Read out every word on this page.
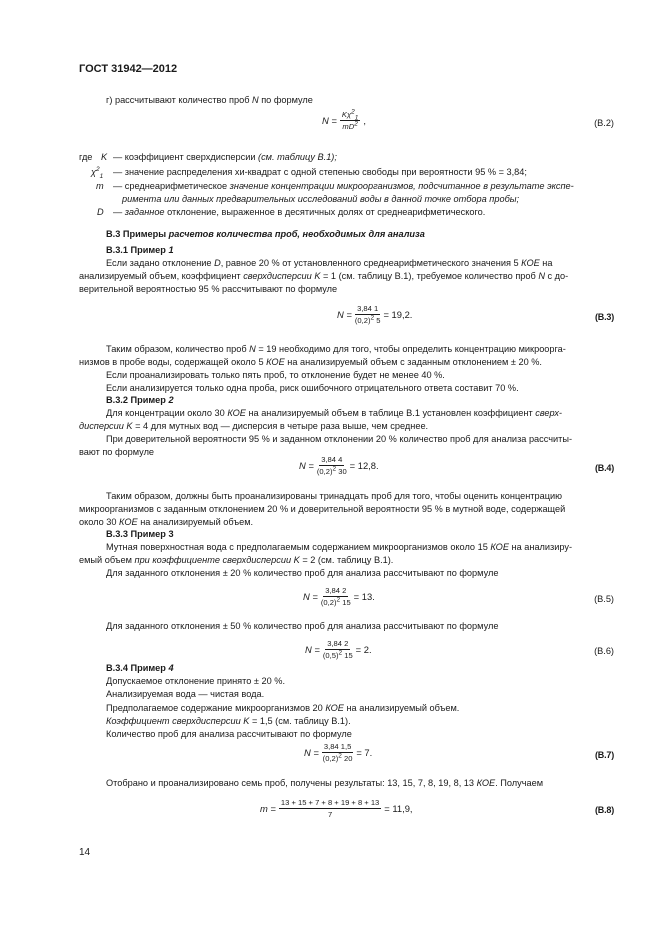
ГОСТ 31942—2012
г) рассчитывают количество проб N по формуле
$N = \frac{K\chi^2_1}{mD^2}$ ,	(В.2)
где K — коэффициент сверхдисперсии (см. таблицу В.1);
$\chi^2_1$ — значение распределения хи-квадрат с одной степенью свободы при вероятности 95 % = 3,84;
m — среднеарифметическое значение концентрации микроорганизмов, подсчитанное в результате экспе-
риментa или данных предварительных исследований воды в данной точке отбора пробы;
D — заданное отклонение, выраженное в десятичных долях от среднеарифметического.
В.3 Примеры расчетов количества проб, необходимых для анализа
В.3.1 Пример 1
Если задано отклонение D, равное 20 % от установленного среднеарифметического значения 5 КОЕ на
анализируемый объем, коэффициент сверхдисперсии K = 1 (см. таблицу В.1), требуемое количество проб N с до-
верительной вероятностью 95 % рассчитывают по формуле
$N = \frac{3,84 1}{(0,2)^2 5} = 19,2$.	(В.3)
Таким образом, количество проб N = 19 необходимо для того, чтобы определить концентрацию микроорга-
низмов в пробе воды, содержащей около 5 КОЕ на анализируемый объем с заданным отклонением ± 20 %.
Если проанализировать только пять проб, то отклонение будет не менее 40 %.
Если анализируется только одна проба, риск ошибочного отрицательного ответа составит 70 %.
В.3.2 Пример 2
Для концентрации около 30 КОЕ на анализируемый объем в таблице В.1 установлен коэффициент сверх-
дисперсии K = 4 для мутных вод — дисперсия в четыре раза выше, чем среднее.
При доверительной вероятности 95 % и заданном отклонении 20 % количество проб для анализа рассчиты-
вают по формуле
$N = \frac{3,84 4}{(0,2)^2 30} = 12,8$.	(В.4)
Таким образом, должны быть проанализированы тринадцать проб для того, чтобы оценить концентрацию
микроорганизмов с заданным отклонением 20 % и доверительной вероятности 95 % в мутной воде, содержащей
около 30 КОЕ на анализируемый объем.
В.3.3 Пример 3
Мутная поверхностная вода с предполагаемым содержанием микроорганизмов около 15 КОЕ на анализиру-
емый объем при коэффициенте сверхдисперсии K = 2 (см. таблицу В.1).
Для заданного отклонения ± 20 % количество проб для анализа рассчитывают по формуле
$N = \frac{3,84 2}{(0,2)^2 15} = 13$.	(В.5)
Для заданного отклонения ± 50 % количество проб для анализа рассчитывают по формуле
$N = \frac{3,84 2}{(0,5)^2 15} = 2$.	(В.6)
В.3.4 Пример 4
Допускаемое отклонение принято ± 20 %.
Анализируемая вода — чистая вода.
Предполагаемое содержание микроорганизмов 20 КОЕ на анализируемый объем.
Коэффициент сверхдисперсии K = 1,5 (см. таблицу В.1).
Количество проб для анализа рассчитывают по формуле
$N = \frac{3,84 1,5}{(0,2)^2 20} = 7$.	(В.7)
Отобрано и проанализировано семь проб, получены результаты: 13, 15, 7, 8, 19, 8, 13 КОЕ. Получаем
$m = \frac{13 + 15 + 7 + 8 + 19 + 8 + 13}{7} = 11,9$,	(В.8)
14
